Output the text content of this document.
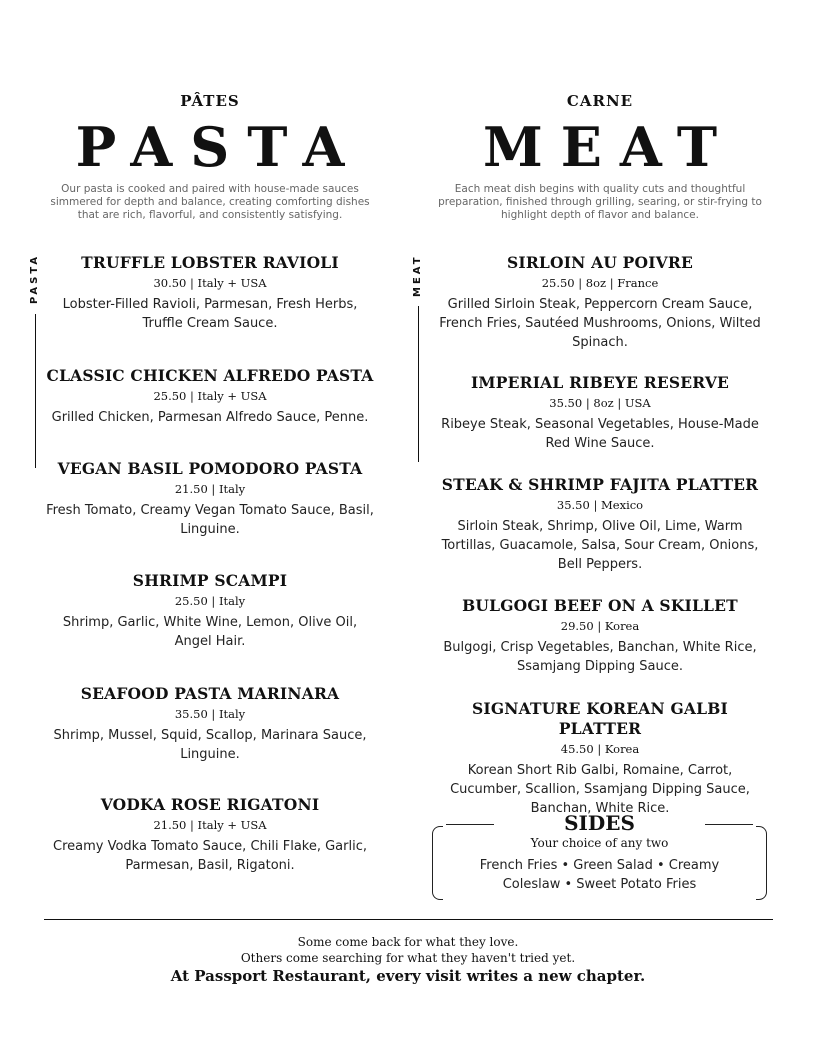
PÂTES
PASTA
Our pasta is cooked and paired with house-made sauces simmered for depth and balance, creating comforting dishes that are rich, flavorful, and consistently satisfying.
TRUFFLE LOBSTER RAVIOLI
30.50 | Italy + USA
Lobster-Filled Ravioli, Parmesan, Fresh Herbs, Truffle Cream Sauce.
CLASSIC CHICKEN ALFREDO PASTA
25.50 | Italy + USA
Grilled Chicken, Parmesan Alfredo Sauce, Penne.
VEGAN BASIL POMODORO PASTA
21.50 | Italy
Fresh Tomato, Creamy Vegan Tomato Sauce, Basil, Linguine.
SHRIMP SCAMPI
25.50 | Italy
Shrimp, Garlic, White Wine, Lemon, Olive Oil, Angel Hair.
SEAFOOD PASTA MARINARA
35.50 | Italy
Shrimp, Mussel, Squid, Scallop, Marinara Sauce, Linguine.
VODKA ROSE RIGATONI
21.50 | Italy + USA
Creamy Vodka Tomato Sauce, Chili Flake, Garlic, Parmesan, Basil, Rigatoni.
PASTA
CARNE
MEAT
Each meat dish begins with quality cuts and thoughtful preparation, finished through grilling, searing, or stir-frying to highlight depth of flavor and balance.
SIRLOIN AU POIVRE
25.50 | 8oz | France
Grilled Sirloin Steak, Peppercorn Cream Sauce, French Fries, Sautéed Mushrooms, Onions, Wilted Spinach.
IMPERIAL RIBEYE RESERVE
35.50 | 8oz | USA
Ribeye Steak, Seasonal Vegetables, House-Made Red Wine Sauce.
STEAK & SHRIMP FAJITA PLATTER
35.50 | Mexico
Sirloin Steak, Shrimp, Olive Oil, Lime, Warm Tortillas, Guacamole, Salsa, Sour Cream, Onions, Bell Peppers.
BULGOGI BEEF ON A SKILLET
29.50 | Korea
Bulgogi, Crisp Vegetables, Banchan, White Rice, Ssamjang Dipping Sauce.
SIGNATURE KOREAN GALBI PLATTER
45.50 | Korea
Korean Short Rib Galbi, Romaine, Carrot, Cucumber, Scallion, Ssamjang Dipping Sauce, Banchan, White Rice.
MEAT
SIDES
Your choice of any two
French Fries • Green Salad • Creamy Coleslaw • Sweet Potato Fries
Some come back for what they love.
Others come searching for what they haven't tried yet.
At Passport Restaurant, every visit writes a new chapter.
